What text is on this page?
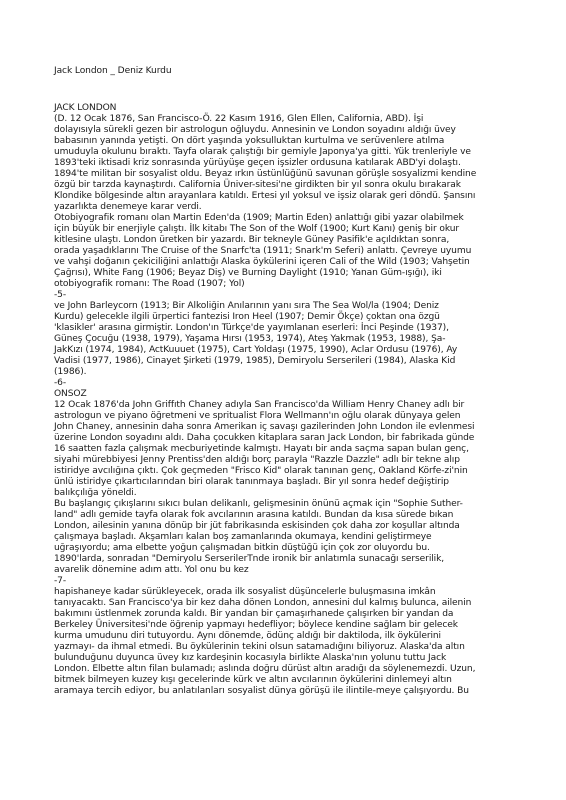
Jack London _ Deniz Kurdu
JACK LONDON
(D. 12 Ocak 1876, San Francisco-Ö. 22 Kasım 1916, Glen Ellen, California, ABD). İşi
dolayısıyla sürekli gezen bir astrologun oğluydu. Annesinin ve London soyadını aldığı üvey
babasının yanında yetişti. On dört yaşında yoksulluktan kurtulma ve serüvenlere atılma
umuduyla okulunu bıraktı. Tayfa olarak çalıştığı bir gemiyle Japonya'ya gitti. Yük trenleriyle ve
1893'teki iktisadi kriz sonrasında yürüyüşe geçen işsizler ordusuna katılarak ABD'yi dolaştı.
1894'te militan bir sosyalist oldu. Beyaz ırkın üstünlüğünü savunan görüşle sosyalizmi kendine
özgü bir tarzda kaynaştırdı. California Üniver-sitesi'ne girdikten bir yıl sonra okulu bırakarak
Klondike bölgesinde altın arayanlara katıldı. Ertesi yıl yoksul ve işsiz olarak geri döndü. Şansını
yazarlıkta denemeye karar verdi.
Otobiyografik romanı olan Martin Eden'da (1909; Martin Eden) anlattığı gibi yazar olabilmek
için büyük bir enerjiyle çalıştı. İlk kitabı The Son of the Wolf (1900; Kurt Kanı) geniş bir okur
kitlesine ulaştı. London üretken bir yazardı. Bir tekneyle Güney Pasifik'e açıldıktan sonra,
orada yaşadıklarını The Cruise of the Snarfc'ta (1911; Snark'm Seferi) anlattı. Çevreye uyumu
ve vahşi doğanın çekiciliğini anlattığı Alaska öykülerini içeren Cali of the Wild (1903; Vahşetin
Çağrısı), White Fang (1906; Beyaz Diş) ve Burning Daylight (1910; Yanan Güm-ışığı), iki
otobiyografik romanı: The Road (1907; Yol)
-5-
ve John Barleycorn (1913; Bir Alkoliğin Anılarının yanı sıra The Sea Wol/la (1904; Deniz
Kurdu) gelecekle ilgili ürpertici fantezisi Iron Heel (1907; Demir Ökçe) çoktan ona özgü
'klasikler' arasına girmiştir. London'ın Türkçe'de yayımlanan eserleri: İnci Peşinde (1937),
Güneş Çocuğu (1938, 1979), Yaşama Hırsı (1953, 1974), Ateş Yakmak (1953, 1988), Şa-
JakKızı (1974, 1984), ActKuuuet (1975), Cart Yoldaşı (1975, 1990), Aclar Ordusu (1976), Ay
Vadisi (1977, 1986), Cinayet Şirketi (1979, 1985), Demiryolu Serserileri (1984), Alaska Kid
(1986).
-6-
ONSOZ
12 Ocak 1876'da John Griffıth Chaney adıyla San Francisco'da William Henry Chaney adlı bir
astrologun ve piyano öğretmeni ve spritualist Flora Wellmann'ın oğlu olarak dünyaya gelen
John Chaney, annesinin daha sonra Amerikan iç savaşı gazilerinden John London ile evlenmesi
üzerine London soyadını aldı. Daha çocukken kitaplara saran Jack London, bir fabrikada günde
16 saatten fazla çalışmak mecburiyetinde kalmıştı. Hayatı bir anda saçma sapan bulan genç,
siyahi mürebbiyesi Jenny Prentiss'den aldığı borç parayla "Razzle Dazzle" adlı bir tekne alıp
istiridye avcılığına çıktı. Çok geçmeden "Frisco Kid" olarak tanınan genç, Oakland Körfe-zi'nin
ünlü istiridye çıkartıcılarından biri olarak tanınmaya başladı. Bir yıl sonra hedef değiştirip
balıkçılığa yöneldi.
Bu başlangıç çıkışlarını sıkıcı bulan delikanlı, gelişmesinin önünü açmak için "Sophie Suther-
land" adlı gemide tayfa olarak fok avcılarının arasına katıldı. Bundan da kısa sürede bıkan
London, ailesinin yanına dönüp bir jüt fabrikasında eskisinden çok daha zor koşullar altında
çalışmaya başladı. Akşamları kalan boş zamanlarında okumaya, kendini geliştirmeye
uğraşıyordu; ama elbette yoğun çalışmadan bitkin düştüğü için çok zor oluyordu bu.
1890'larda, sonradan "Demiryolu SerserilerTnde ironik bir anlatımla sunacağı serserilik,
avarelik dönemine adım attı. Yol onu bu kez
-7-
hapishaneye kadar sürükleyecek, orada ilk sosyalist düşüncelerle buluşmasına imkân
tanıyacaktı. San Francisco'ya bir kez daha dönen London, annesini dul kalmış bulunca, ailenin
bakımını üstlenmek zorunda kaldı. Bir yandan bir çamaşırhanede çalışırken bir yandan da
Berkeley Üniversitesi'nde öğrenip yapmayı hedefliyor; böylece kendine sağlam bir gelecek
kurma umudunu diri tutuyordu. Aynı dönemde, ödünç aldığı bir daktiloda, ilk öykülerini
yazmayı- da ihmal etmedi. Bu öykülerinin tekini olsun satamadığını biliyoruz. Alaska'da altın
bulunduğunu duyunca üvey kız kardeşinin kocasıyla birlikte Alaska'nın yolunu tuttu Jack
London. Elbette altın filan bulamadı; aslında doğru dürüst altın aradığı da söylenemezdi. Uzun,
bitmek bilmeyen kuzey kışı gecelerinde kürk ve altın avcılarının öykülerini dinlemeyi altın
aramaya tercih ediyor, bu anlatılanları sosyalist dünya görüşü ile ilintile-meye çalışıyordu. Bu
